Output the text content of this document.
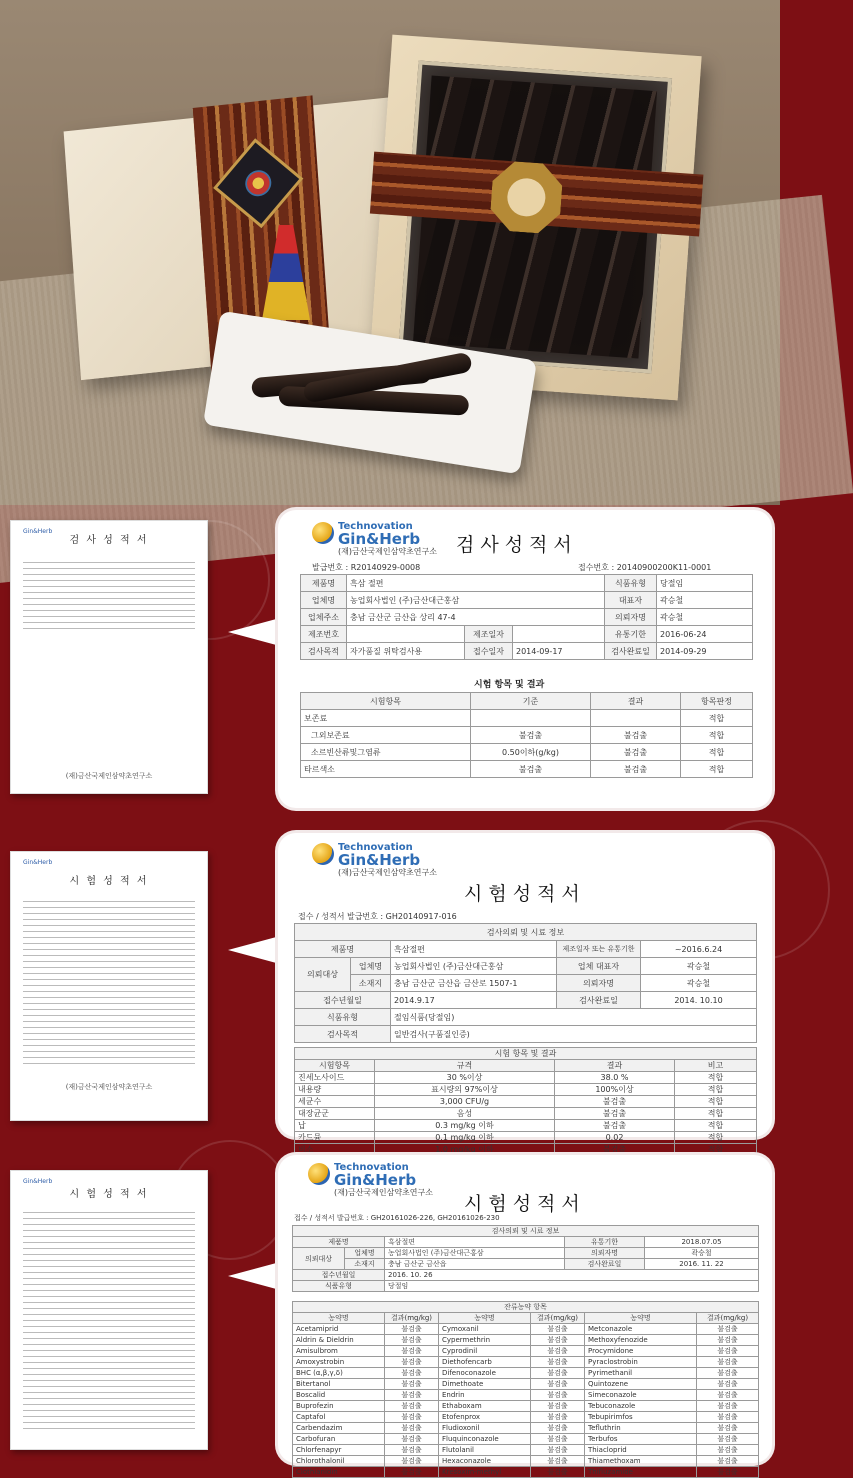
Gin&Herb
검 사 성 적 서
(재)금산국제인삼약초연구소
Technovation
Gin&Herb
(재)금산국제인삼약초연구소 검사성적서
발급번호 : R20140929-0008	접수번호 : 20140900200K11-0001
제품명	흑삼 절편			식품유형	당절임
업체명	농업회사법인 (주)금산대근홍삼			대표자	곽승철
업체주소	충남 금산군 금산읍 상리 47-4			의뢰자명	곽승철
제조번호		제조일자		유통기한	2016-06-24
검사목적	자가품질 위탁검사용	접수일자	2014-09-17	검사완료일	2014-09-29
시험 항목 및 결과
시험항목	기준	결과	항목판정
보존료			적합
그외보존료	불검출	불검출	적합
소르빈산류및그염류	0.50이하(g/kg)	불검출	적합
타르색소	불검출	불검출	적합
Gin&Herb
시 험 성 적 서
(재)금산국제인삼약초연구소
Technovation
Gin&Herb
(재)금산국제인삼약초연구소
시험성적서
접수 / 성적서 발급번호 : GH20140917-016
검사의뢰 및 시료 정보				
제품명		흑삼절편	제조일자 또는 유통기한	~2016.6.24
의뢰대상	업체명	농업회사법인 (주)금산대근홍삼	업체 대표자	곽승철
	소재지	충남 금산군 금산읍 금산로 1507-1	의뢰자명	곽승철
접수년월일		2014.9.17	검사완료일	2014. 10.10
식품유형		절임식품(당절임)		
검사목적		일반검사(구품질인증)		
시험 항목 및 결과			
시험항목	규격	결과	비고
진세노사이드	30 %이상	38.0 %	적합
내용량	표시량의 97%이상	100%이상	적합
세균수	3,000 CFU/g	불검출	적합
대장균군	음성	불검출	적합
납	0.3 mg/kg 이하	불검출	적합
카드뮴	0.1 mg/kg 이하	0.02	적합
비소	1.0 mg/kg 이하	불검출	적합
Gin&Herb
시 험 성 적 서
Technovation
Gin&Herb
(재)금산국제인삼약초연구소
시험성적서
접수 / 성적서 발급번호 : GH20161026-226, GH20161026-230
검사의뢰 및 시료 정보				
제품명		흑삼절편	유통기한	2018.07.05
의뢰대상	업체명	농업회사법인 (주)금산대근홍삼	의뢰자명	곽승철
	소재지	충남 금산군 금산읍	검사완료일	2016. 11. 22
접수년월일		2016. 10. 26		
식품유형		당절임		
잔류농약 항목					
농약명	결과(mg/kg)	농약명	결과(mg/kg)	농약명	결과(mg/kg)
Acetamiprid	불검출	Cymoxanil	불검출	Metconazole	불검출
Aldrin & Dieldrin	불검출	Cypermethrin	불검출	Methoxyfenozide	불검출
Amisulbrom	불검출	Cyprodinil	불검출	Procymidone	불검출
Amoxystrobin	불검출	Diethofencarb	불검출	Pyraclostrobin	불검출
BHC (α,β,γ,δ)	불검출	Difenoconazole	불검출	Pyrimethanil	불검출
Bitertanol	불검출	Dimethoate	불검출	Quintozene	불검출
Boscalid	불검출	Endrin	불검출	Simeconazole	불검출
Buprofezin	불검출	Ethaboxam	불검출	Tebuconazole	불검출
Captafol	불검출	Etofenprox	불검출	Tebupirimfos	불검출
Carbendazim	불검출	Fludioxonil	불검출	Tefluthrin	불검출
Carbofuran	불검출	Fluquinconazole	불검출	Terbufos	불검출
Chlorfenapyr	불검출	Flutolanil	불검출	Thiacloprid	불검출
Chlorothalonil	불검출	Hexaconazole	불검출	Thiamethoxam	불검출
Clothianidin	불검출	Kresoxim-methyl	불검출	Thifluzamide	불검출
